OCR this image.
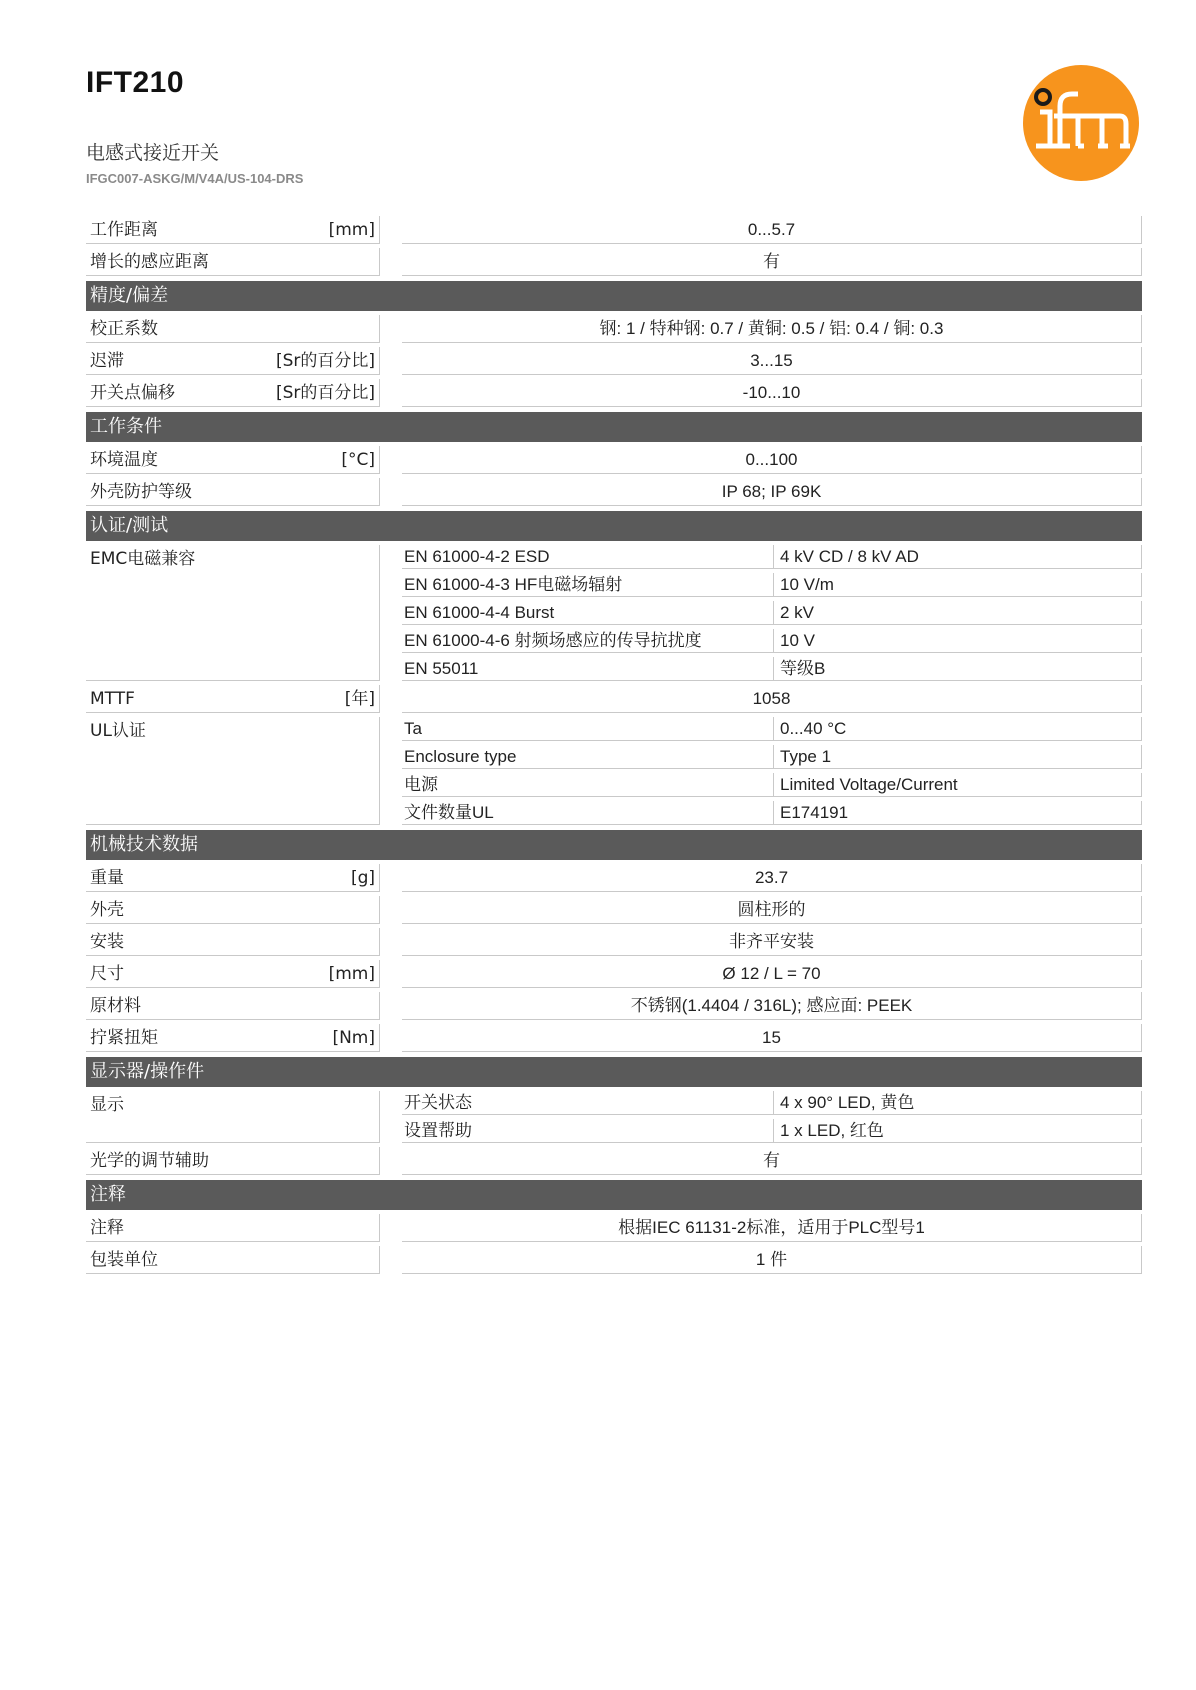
IFT210
电感式接近开关
IFGC007-ASKG/M/V4A/US-104-DRS
工作距离	[mm]	0...5.7
增长的感应距离	有
精度/偏差
校正系数	钢: 1 / 特种钢: 0.7 / 黄铜: 0.5 / 铝: 0.4 / 铜: 0.3
迟滞	[Sr的百分比]	3...15
开关点偏移	[Sr的百分比]	-10...10
工作条件
环境温度	[°C]	0...100
外壳防护等级	IP 68; IP 69K
认证/测试
EMC电磁兼容	EN 61000-4-2 ESD	4 kV CD / 8 kV AD
EN 61000-4-3 HF电磁场辐射	10 V/m
EN 61000-4-4 Burst	2 kV
EN 61000-4-6 射频场感应的传导抗扰度	10 V
EN 55011	等级B
MTTF	[年]	1058
UL认证	Ta	0...40 °C
Enclosure type	Type 1
电源	Limited Voltage/Current
文件数量UL	E174191
机械技术数据
重量	[g]	23.7
外壳	圆柱形的
安装	非齐平安装
尺寸	[mm]	Ø 12 / L = 70
原材料	不锈钢(1.4404 / 316L); 感应面: PEEK
拧紧扭矩	[Nm]	15
显示器/操作件
显示	开关状态	4 x 90° LED, 黄色
设置帮助	1 x LED, 红色
光学的调节辅助	有
注释
注释	根据IEC 61131-2标准，适用于PLC型号1
包装单位	1 件
